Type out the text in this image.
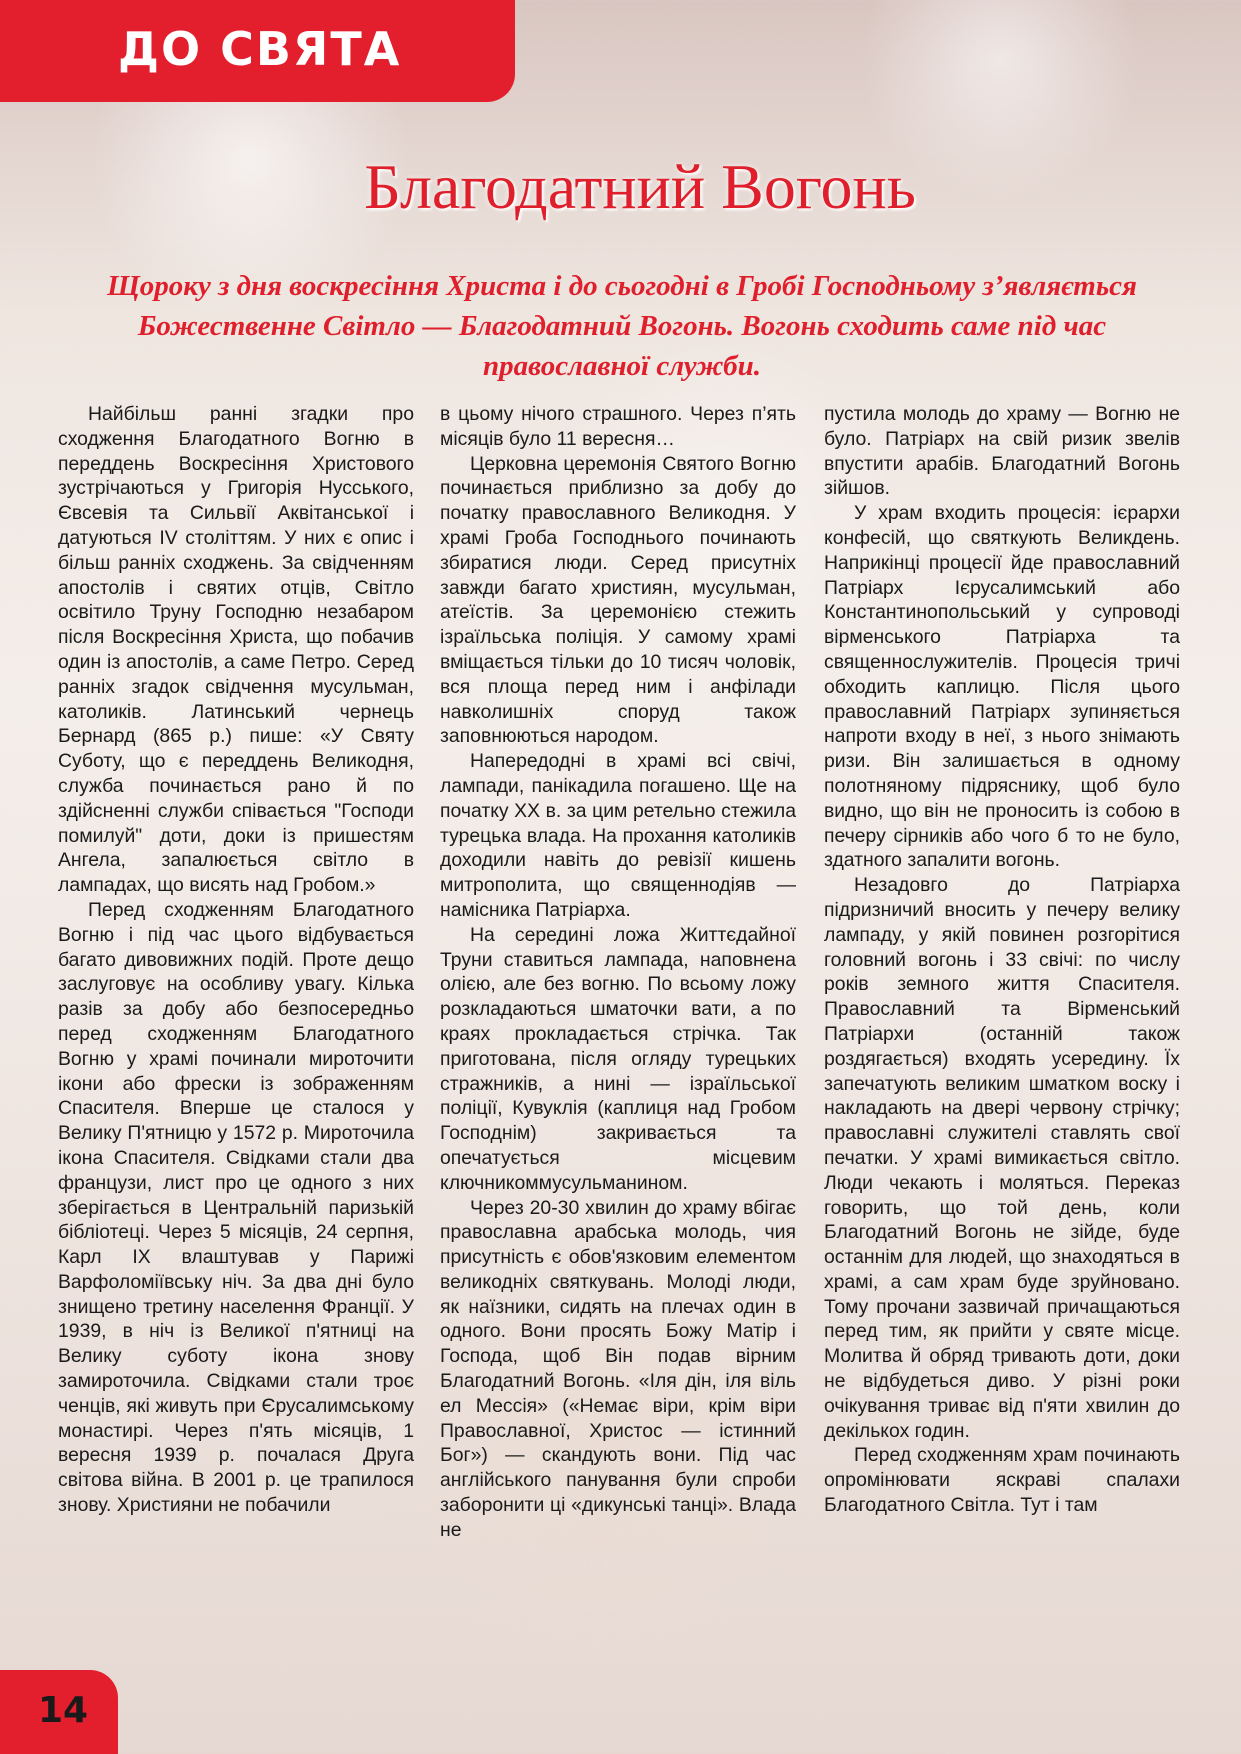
ДО СВЯТА
Благодатний Вогонь
Щороку з дня воскресіння Христа і до сьогодні в Гробі Господньому з’являється Божественне Світло — Благодатний Вогонь. Вогонь сходить саме під час православної служби.

Найбільш ранні згадки про сходження Благодатного Вогню в переддень Воскресіння Христового зустрічаються у Григорія Нусського, Євсевія та Сильвії Аквітанської і датуються IV століттям. У них є опис і більш ранніх сходжень. За свідченням апостолів і святих отців, Світло освітило Труну Господню незабаром після Воскресіння Христа, що побачив один із апостолів, а саме Петро. Серед ранніх згадок свідчення мусульман, католиків. Латинський чернець Бернард (865 р.) пише: «У Святу Суботу, що є переддень Великодня, служба починається рано й по здійсненні служби співається "Господи помилуй" доти, доки із пришестям Ангела, запалюється світло в лампадах, що висять над Гробом.»

Перед сходженням Благодатного Вогню і під час цього відбувається багато дивовижних подій. Проте дещо заслуговує на особливу увагу. Кілька разів за добу або безпосередньо перед сходженням Благодатного Вогню у храмі починали мироточити ікони або фрески із зображенням Спасителя. Вперше це сталося у Велику П'ятницю у 1572 р. Мироточила ікона Спасителя. Свідками стали два французи, лист про це одного з них зберігається в Центральній паризькій бібліотеці. Через 5 місяців, 24 серпня, Карл IX влаштував у Парижі Варфоломіївську ніч. За два дні було знищено третину населення Франції. У 1939, в ніч із Великої п'ятниці на Велику суботу ікона знову замироточила. Свідками стали троє ченців, які живуть при Єрусалимському монастирі. Через п'ять місяців, 1 вересня 1939 р. почалася Друга світова війна. В 2001 р. це трапилося знову. Християни не побачили

в цьому нічого страшного. Через п’ять місяців було 11 вересня…

Церковна церемонія Святого Вогню починається приблизно за добу до початку православного Великодня. У храмі Гроба Господнього починають збиратися люди. Серед присутніх завжди багато християн, мусульман, атеїстів. За церемонією стежить ізраїльська поліція. У самому храмі вміщається тільки до 10 тисяч чоловік, вся площа перед ним і анфілади навколишніх споруд також заповнюються народом.

Напередодні в храмі всі свічі, лампади, панікадила погашено. Ще на початку XX в. за цим ретельно стежила турецька влада. На прохання католиків доходили навіть до ревізії кишень митрополита, що священнодіяв — намісника Патріарха.

На середині ложа Життєдайної Труни ставиться лампада, наповнена олією, але без вогню. По всьому ложу розкладаються шматочки вати, а по краях прокладається стрічка. Так приготована, після огляду турецьких стражників, а нині — ізраїльської поліції, Кувуклія (каплиця над Гробом Господнім) закривається та опечатується місцевим ключникоммусульманином.

Через 20-30 хвилин до храму вбігає православна арабська молодь, чия присутність є обов'язковим елементом великодніх святкувань. Молоді люди, як наїзники, сидять на плечах один в одного. Вони просять Божу Матір і Господа, щоб Він подав вірним Благодатний Вогонь. «Іля дін, іля віль ел Мессія» («Немає віри, крім віри Православної, Христос — істинний Бог») — скандують вони. Під час англійського панування були спроби заборонити ці «дикунські танці». Влада не

пустила молодь до храму — Вогню не було. Патріарх на свій ризик звелів впустити арабів. Благодатний Вогонь зійшов.

У храм входить процесія: ієрархи конфесій, що святкують Великдень. Наприкінці процесії йде православний Патріарх Ієрусалимський або Константинопольський у супроводі вірменського Патріарха та священнослужителів. Процесія тричі обходить каплицю. Після цього православний Патріарх зупиняється напроти входу в неї, з нього знімають ризи. Він залишається в одному полотняному підряснику, щоб було видно, що він не проносить із собою в печеру сірників або чого б то не було, здатного запалити вогонь.

Незадовго до Патріарха підризничий вносить у печеру велику лампаду, у якій повинен розгорітися головний вогонь і 33 свічі: по числу років земного життя Спасителя. Православний та Вірменський Патріархи (останній також роздягається) входять усередину. Їх запечатують великим шматком воску і накладають на двері червону стрічку; православні служителі ставлять свої печатки. У храмі вимикається світло. Люди чекають і моляться. Переказ говорить, що той день, коли Благодатний Вогонь не зійде, буде останнім для людей, що знаходяться в храмі, а сам храм буде зруйновано. Тому прочани зазвичай причащаються перед тим, як прийти у святе місце. Молитва й обряд тривають доти, доки не відбудеться диво. У різні роки очікування триває від п'яти хвилин до декількох годин.

Перед сходженням храм починають опромінювати яскраві спалахи Благодатного Світла. Тут і там

14
